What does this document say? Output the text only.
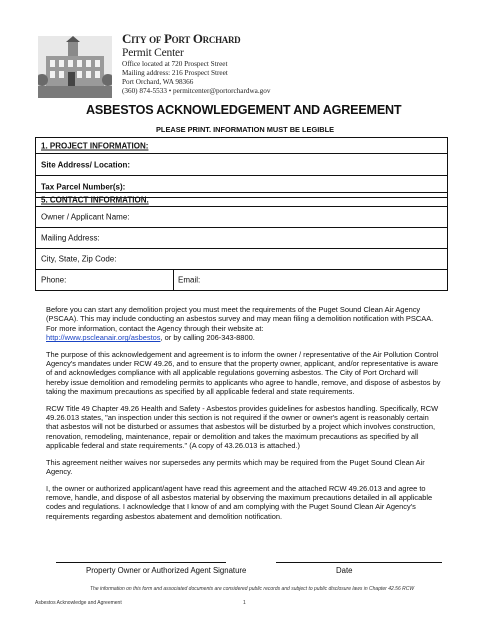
City of Port Orchard
Permit Center
Office located at 720 Prospect Street
Mailing address: 216 Prospect Street
Port Orchard, WA 98366
(360) 874-5533 • permitcenter@portorchardwa.gov
ASBESTOS ACKNOWLEDGEMENT AND AGREEMENT
PLEASE PRINT. INFORMATION MUST BE LEGIBLE
1. PROJECT INFORMATION:
Site Address/ Location:
Tax Parcel Number(s):
5. CONTACT INFORMATION.
Owner / Applicant Name:
Mailing Address:
City, State, Zip Code:
Phone:	Email:

Before you can start any demolition project you must meet the requirements of the Puget Sound Clean Air Agency (PSCAA). This may include conducting an asbestos survey and may mean filing a demolition notification with PSCAA. For more information, contact the Agency through their website at:
http://www.pscleanair.org/asbestos, or by calling 206-343-8800.

The purpose of this acknowledgement and agreement is to inform the owner / representative of the Air Pollution Control Agency's mandates under RCW 49.26, and to ensure that the property owner, applicant, and/or representative is aware of and acknowledges compliance with all applicable regulations governing asbestos. The City of Port Orchard will hereby issue demolition and remodeling permits to applicants who agree to handle, remove, and dispose of asbestos by taking the maximum precautions as specified by all applicable federal and state requirements.

RCW Title 49 Chapter 49.26 Health and Safety - Asbestos provides guidelines for asbestos handling. Specifically, RCW 49.26.013 states, "an inspection under this section is not required if the owner or owner's agent is reasonably certain that asbestos will not be disturbed or assumes that asbestos will be disturbed by a project which involves construction, renovation, remodeling, maintenance, repair or demolition and takes the maximum precautions as specified by all applicable federal and state requirements." (A copy of 43.26.013 is attached.)

This agreement neither waives nor supersedes any permits which may be required from the Puget Sound Clean Air Agency.

I, the owner or authorized applicant/agent have read this agreement and the attached RCW 49.26.013 and agree to remove, handle, and dispose of all asbestos material by observing the maximum precautions detailed in all applicable codes and regulations. I acknowledge that I know of and am complying with the Puget Sound Clean Air Agency's requirements regarding asbestos abatement and demolition notification.

Property Owner or Authorized Agent Signature	Date
The information on this form and associated documents are considered public records and subject to public disclosure laws in Chapter 42.56 RCW
Asbestos Acknowledge and Agreement	1
